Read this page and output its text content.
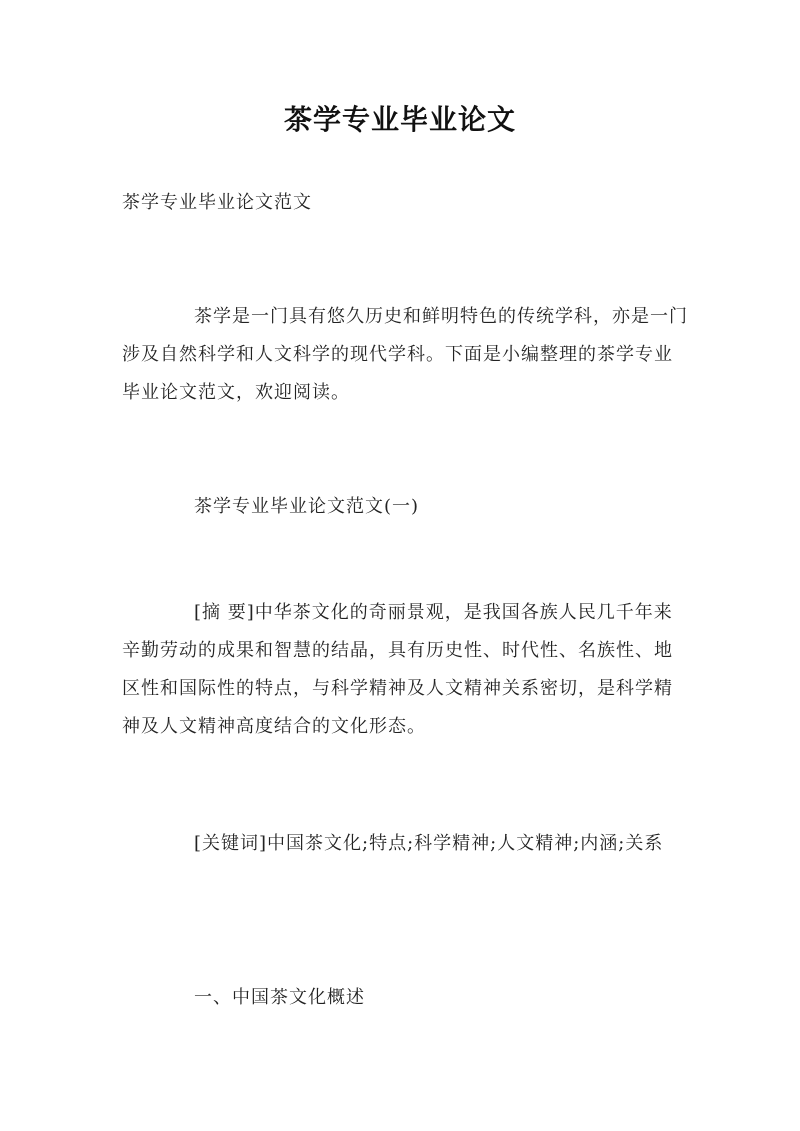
茶学专业毕业论文

茶学专业毕业论文范文

茶学是一门具有悠久历史和鲜明特色的传统学科，亦是一门涉及自然科学和人文科学的现代学科。下面是小编整理的茶学专业毕业论文范文，欢迎阅读。

茶学专业毕业论文范文(一)

[摘 要]中华茶文化的奇丽景观，是我国各族人民几千年来辛勤劳动的成果和智慧的结晶，具有历史性、时代性、名族性、地区性和国际性的特点，与科学精神及人文精神关系密切，是科学精神及人文精神高度结合的文化形态。

[关键词]中国茶文化;特点;科学精神;人文精神;内涵;关系

一、中国茶文化概述
